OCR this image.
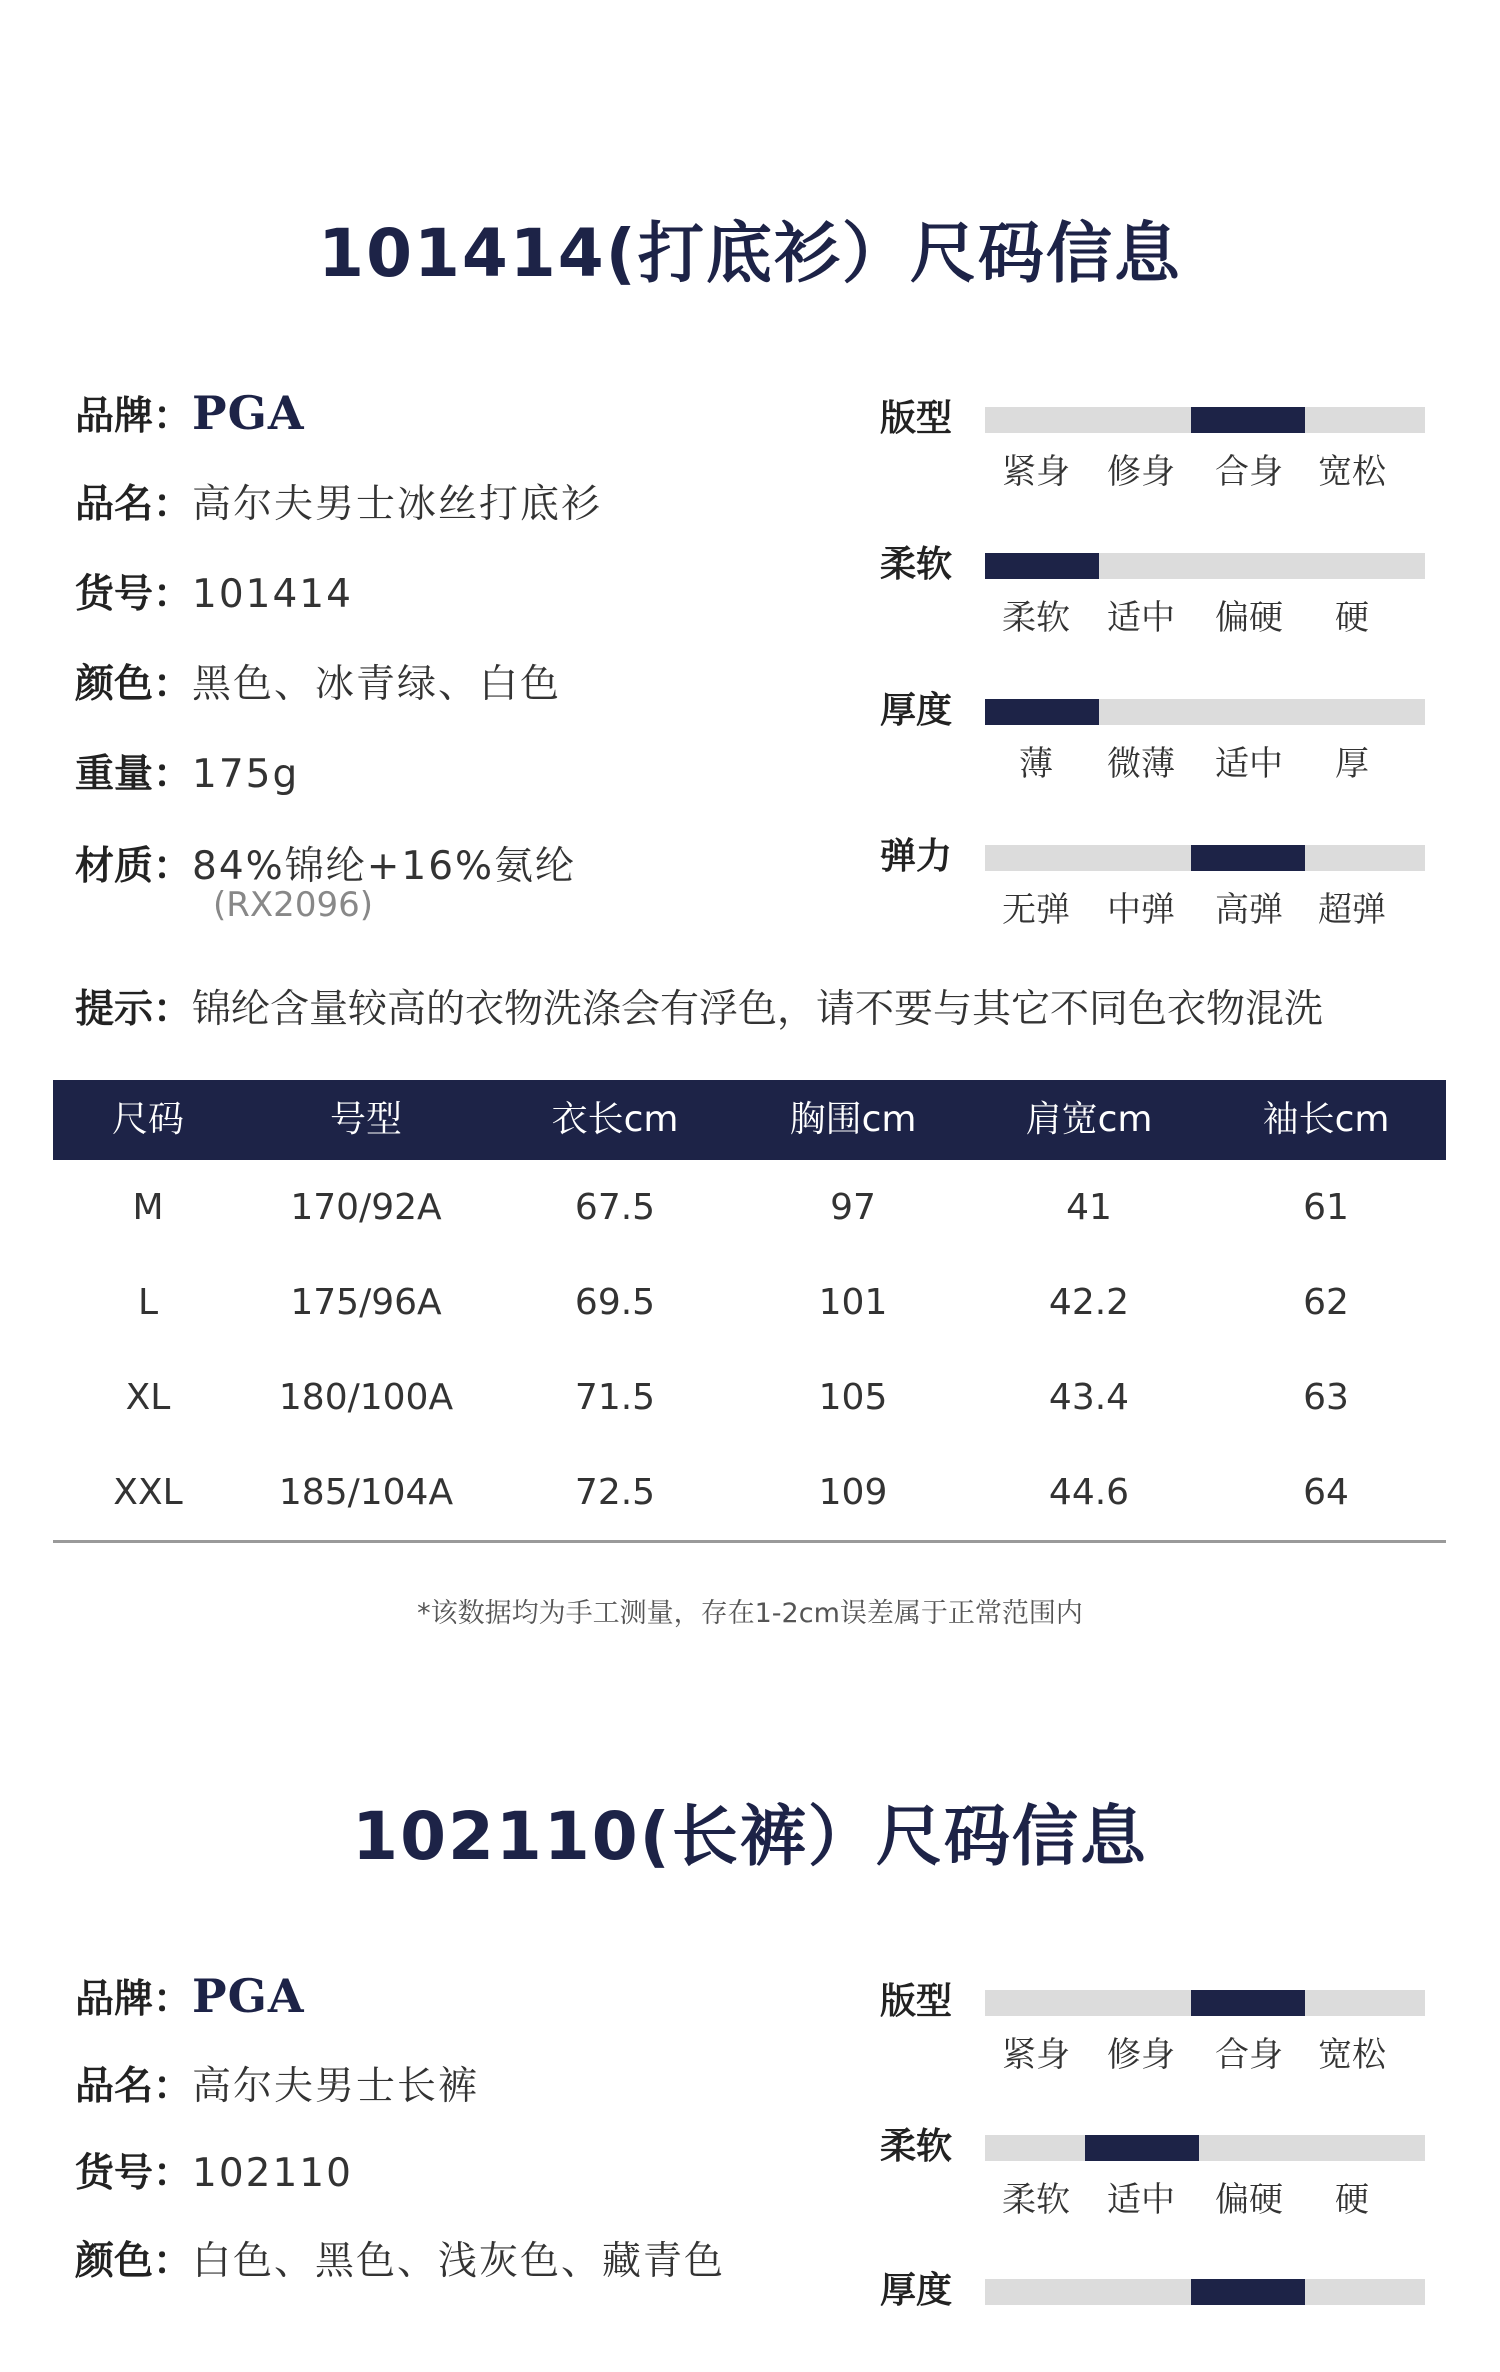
101414(打底衫）尺码信息
品牌：PGA
品名：高尔夫男士冰丝打底衫
货号：101414
颜色：黑色、冰青绿、白色
重量：175g
材质：84%锦纶+16%氨纶
(RX2096)
版型
紧身	修身	合身	宽松
柔软
柔软	适中	偏硬	硬
厚度
薄	微薄	适中	厚
弹力
无弹	中弹	高弹	超弹
提示：锦纶含量较高的衣物洗涤会有浮色，请不要与其它不同色衣物混洗
尺码	号型	衣长cm	胸围cm	肩宽cm	袖长cm
M	170/92A	67.5	97	41	61
L	175/96A	69.5	101	42.2	62
XL	180/100A	71.5	105	43.4	63
XXL	185/104A	72.5	109	44.6	64
*该数据均为手工测量，存在1-2cm误差属于正常范围内
102110(长裤）尺码信息
品牌：PGA
品名：高尔夫男士长裤
货号：102110
颜色：白色、黑色、浅灰色、藏青色
版型
紧身	修身	合身	宽松
柔软
柔软	适中	偏硬	硬
厚度
